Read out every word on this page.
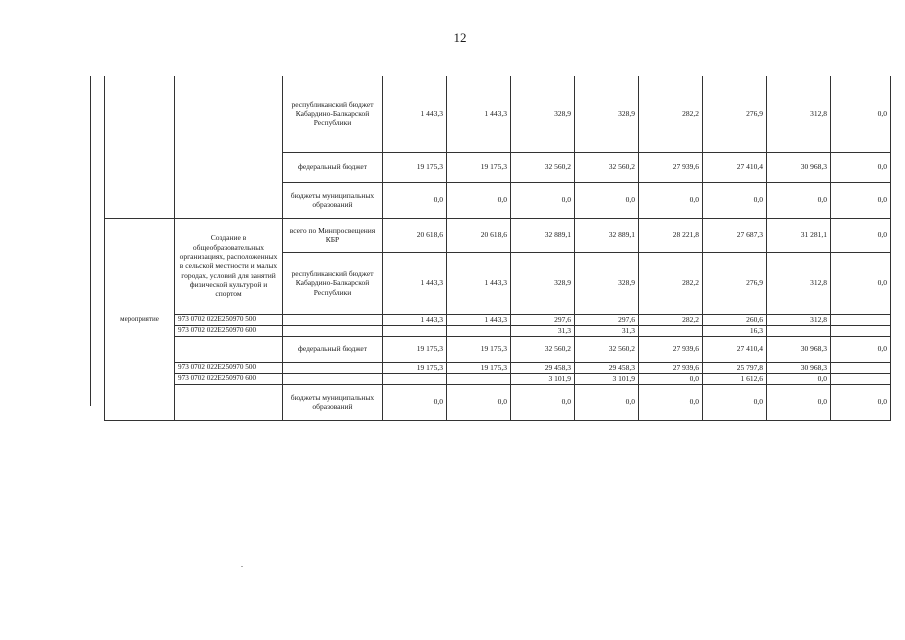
12
		республиканский бюджет Кабардино-Балкарской Республики	1 443,3	1 443,3	328,9	328,9	282,2	276,9	312,8	0,0
		федеральный бюджет	19 175,3	19 175,3	32 560,2	32 560,2	27 939,6	27 410,4	30 968,3	0,0
		бюджеты муниципальных образований	0,0	0,0	0,0	0,0	0,0	0,0	0,0	0,0
мероприятие	Создание в общеобразовательных организациях, расположенных в сельской местности и малых городах, условий для занятий физической культурой и спортом	всего по Минпросвещения КБР	20 618,6	20 618,6	32 889,1	32 889,1	28 221,8	27 687,3	31 281,1	0,0
		республиканский бюджет Кабардино-Балкарской Республики	1 443,3	1 443,3	328,9	328,9	282,2	276,9	312,8	0,0
	973 0702 022E250970 500		1 443,3	1 443,3	297,6	297,6	282,2	260,6	312,8	
	973 0702 022E250970 600				31,3	31,3		16,3		
		федеральный бюджет	19 175,3	19 175,3	32 560,2	32 560,2	27 939,6	27 410,4	30 968,3	0,0
	973 0702 022E250970 500		19 175,3	19 175,3	29 458,3	29 458,3	27 939,6	25 797,8	30 968,3	
	973 0702 022E250970 600				3 101,9	3 101,9	0,0	1 612,6	0,0	
		бюджеты муниципальных образований	0,0	0,0	0,0	0,0	0,0	0,0	0,0	0,0
